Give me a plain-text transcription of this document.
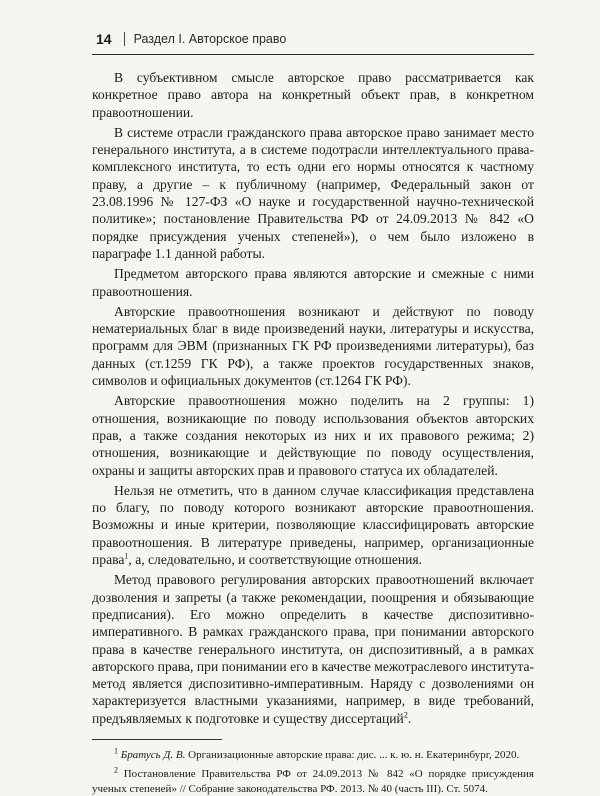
14 Раздел I. Авторское право

В субъективном смысле авторское право рассматривается как конкретное право автора на конкретный объект прав, в конкретном правоотношении.

В системе отрасли гражданского права авторское право занимает место генерального института, а в системе подотрасли интеллектуального права- комплексного института, то есть одни его нормы относятся к частному праву, а другие – к публичному (например, Федеральный закон от 23.08.1996 № 127-ФЗ «О науке и государственной научно-технической политике»; постановление Правительства РФ от 24.09.2013 № 842 «О порядке присуждения ученых степеней»), о чем было изложено в параграфе 1.1 данной работы.

Предметом авторского права являются авторские и смежные с ними правоотношения.

Авторские правоотношения возникают и действуют по поводу нематериальных благ в виде произведений науки, литературы и искусства, программ для ЭВМ (признанных ГК РФ произведениями литературы), баз данных (ст.1259 ГК РФ), а также проектов государственных знаков, символов и официальных документов (ст.1264 ГК РФ).

Авторские правоотношения можно поделить на 2 группы: 1) отношения, возникающие по поводу использования объектов авторских прав, а также создания некоторых из них и их правового режима; 2) отношения, возникающие и действующие по поводу осуществления, охраны и защиты авторских прав и правового статуса их обладателей.

Нельзя не отметить, что в данном случае классификация представлена по благу, по поводу которого возникают авторские правоотношения. Возможны и иные критерии, позволяющие классифицировать авторские правоотношения. В литературе приведены, например, организационные права$^1$, а, следовательно, и соответствующие отношения.

Метод правового регулирования авторских правоотношений включает дозволения и запреты (а также рекомендации, поощрения и обязывающие предписания). Его можно определить в качестве диспозитивно- императивного. В рамках гражданского права, при понимании авторского права в качестве генерального института, он диспозитивный, а в рамках авторского права, при понимании его в качестве межотраслевого института- метод является диспозитивно-императивным. Наряду с дозволениями он характеризуется властными указаниями, например, в виде требований, предъявляемых к подготовке и существу диссертаций$^2$.

$^1$ Братусь Д. В. Организационные авторские права: дис. ... к. ю. н. Екатеринбург, 2020.

$^2$ Постановление Правительства РФ от 24.09.2013 № 842 «О порядке присуждения ученых степеней» // Собрание законодательства РФ. 2013. № 40 (часть III). Ст. 5074.
